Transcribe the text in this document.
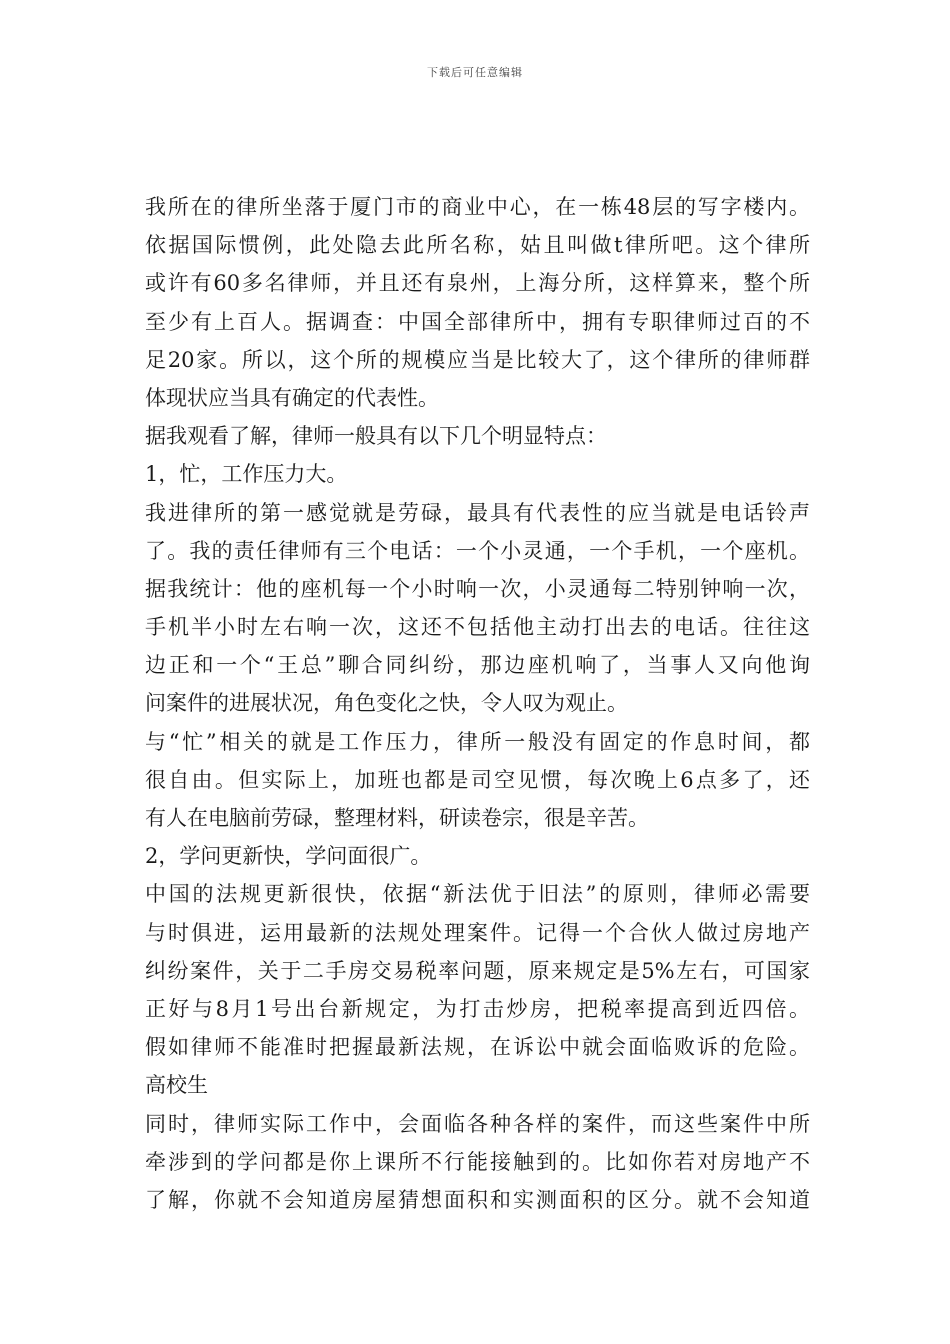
下载后可任意编辑
我所在的律所坐落于厦门市的商业中心，在一栋48层的写字楼内。
依据国际惯例，此处隐去此所名称，姑且叫做t律所吧。这个律所
或许有60多名律师，并且还有泉州，上海分所，这样算来，整个所
至少有上百人。据调查：中国全部律所中，拥有专职律师过百的不
足20家。所以，这个所的规模应当是比较大了，这个律所的律师群
体现状应当具有确定的代表性。
据我观看了解，律师一般具有以下几个明显特点：
1，忙，工作压力大。
我进律所的第一感觉就是劳碌，最具有代表性的应当就是电话铃声
了。我的责任律师有三个电话：一个小灵通，一个手机，一个座机。
据我统计：他的座机每一个小时响一次，小灵通每二特别钟响一次，
手机半小时左右响一次，这还不包括他主动打出去的电话。往往这
边正和一个“王总”聊合同纠纷，那边座机响了，当事人又向他询
问案件的进展状况，角色变化之快，令人叹为观止。
与“忙”相关的就是工作压力，律所一般没有固定的作息时间，都
很自由。但实际上，加班也都是司空见惯，每次晚上6点多了，还
有人在电脑前劳碌，整理材料，研读卷宗，很是辛苦。
2，学问更新快，学问面很广。
中国的法规更新很快，依据“新法优于旧法”的原则，律师必需要
与时俱进，运用最新的法规处理案件。记得一个合伙人做过房地产
纠纷案件，关于二手房交易税率问题，原来规定是5%左右，可国家
正好与8月1号出台新规定，为打击炒房，把税率提高到近四倍。
假如律师不能准时把握最新法规，在诉讼中就会面临败诉的危险。
高校生
同时，律师实际工作中，会面临各种各样的案件，而这些案件中所
牵涉到的学问都是你上课所不行能接触到的。比如你若对房地产不
了解，你就不会知道房屋猜想面积和实测面积的区分。就不会知道
